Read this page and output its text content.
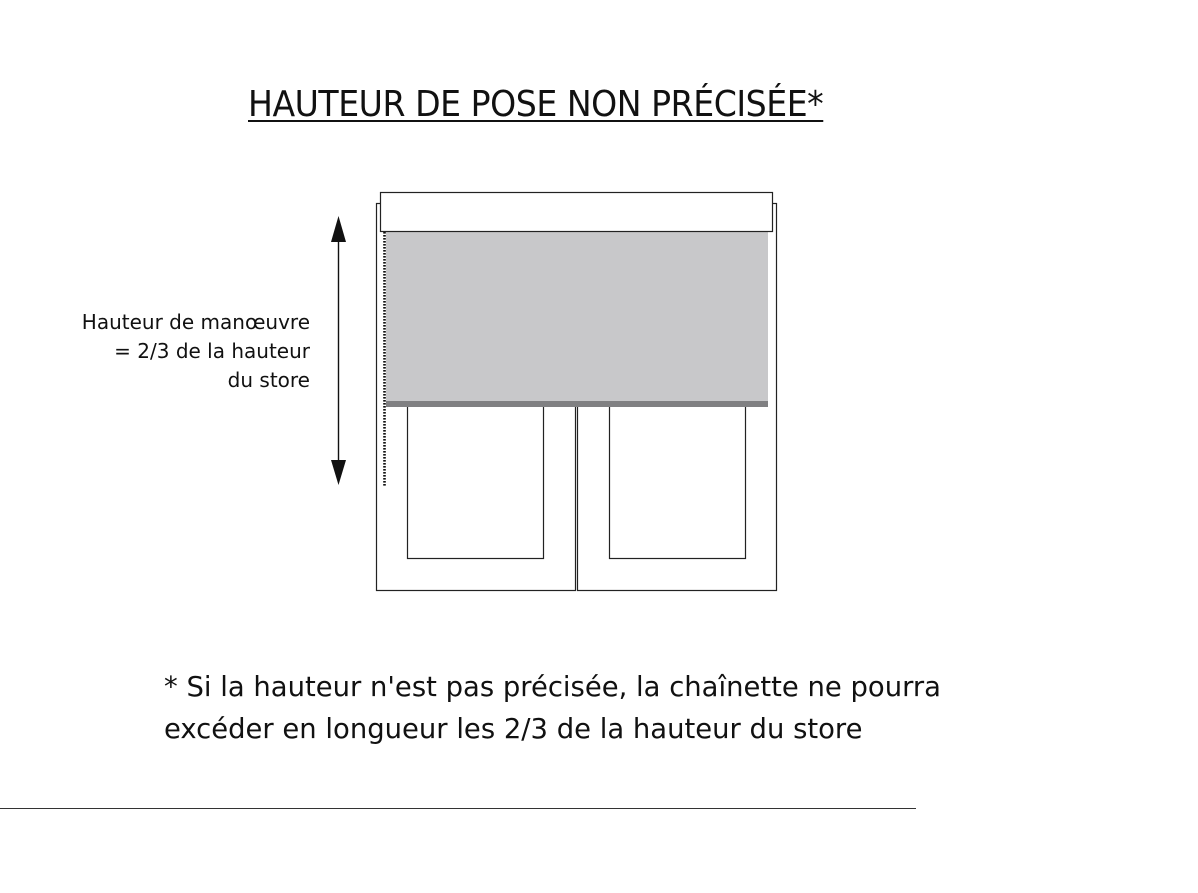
HAUTEUR DE POSE NON PRÉCISÉE*
Hauteur de manœuvre
= 2/3 de la hauteur
du store
* Si la hauteur n'est pas précisée, la chaînette ne pourra
excéder en longueur les 2/3 de la hauteur du store
